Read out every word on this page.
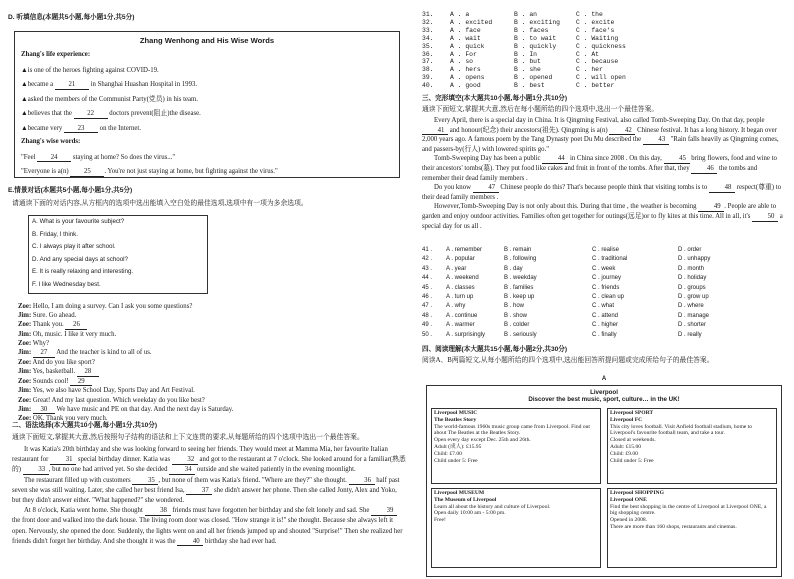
D. 听填信息(本题共5小题,每小题1分,共5分)

Zhang Wenhong and His Wise Words

Zhang's life experience:

▲is one of the heroes fighting against COVID-19.

▲became a 21 in Shanghai Huashan Hospital in 1993.

▲asked the members of the Communist Party(党员) in his team.

▲believes that the 22 doctors prevent(阻止)the disease.

▲became very 23 on the Internet.

Zhang's wise words:

"Feel 24 staying at home? So does the virus..."

"Everyone is a(n) 25 . You're not just staying at home, but fighting against the virus."

E.情景对话(本题共5小题,每小题1分,共5分)

请通读下面的对话内容,从方框内的选项中选出能填入空白处的最佳选项,选项中有一项为多余选项。

A. What is your favourite subject?

B. Friday, I think.

C. I always play it after school.

D. And any special days at school?

E. It is really relaxing and interesting.

F. I like Wednesday best.

Zoe: Hello, I am doing a survey. Can I ask you some questions?

Jim: Sure. Go ahead.

Zoe: Thank you. 26

Jim: Oh, music. I like it very much.

Zoe: Why?

Jim: 27 And the teacher is kind to all of us.

Zoe: And do you like sport?

Jim: Yes, basketball. 28

Zoe: Sounds cool! 29

Jim: Yes, we also have School Day, Sports Day and Art Festival.

Zoe: Great! And my last question. Which weekday do you like best?

Jim: 30 We have music and PE on that day. And the next day is Saturday.

Zoe: OK. Thank you very much.

二、语法选择(本大题共10小题,每小题1分,共10分)

通读下面短文,掌握其大意,然后按照句子结构的语法和上下文连贯的要求,从每题所给的四个选项中选出一个最佳答案。

It was Katia's 20th birthday and she was looking forward to seeing her friends. They would meet at Mamma Mia, her favourite Italian restaurant for 31 special birthday dinner. Katia was 32 and got to the restaurant at 7 o'clock. She looked around for a familiar(熟悉的) 33 , but no one had arrived yet. So she decided 34 outside and she waited patiently in the evening moonlight.

The restaurant filled up with customers 35 , but none of them was Katia's friend. "Where are they?" she thought. 36 half past seven she was still waiting. Later, she called her best friend Isa, 37 she didn't answer her phone. Then she called Jonty, Alex and Yoko, but they didn't answer either. "What happened?" she wondered.

At 8 o'clock, Katia went home. She thought 38 friends must have forgotten her birthday and she felt lonely and sad. She 39 the front door and walked into the dark house. The living room door was closed. "How strange it is!" she thought. Because she always left it open. Nervously, she opened the door. Suddenly, the lights went on and all her friends jumped up and shouted "Surprise!" Then she realized her friends didn't forget her birthday. And she thought it was the 40 birthday she had ever had.

31.	A . a	B . an	C . the
32.	A . excited	B . exciting	C . excite
33.	A . face	B . faces	C . face's
34.	A . wait	B . to wait	C . Waiting
35.	A . quick	B . quickly	C . quickness
36.	A . For	B . In	C . At
37.	A . so	B . but	C . because
38.	A . hers	B . she	C . her
39.	A . opens	B . opened	C . will open
40.	A . good	B . best	C . better

三、完形填空(本大题共10小题,每小题1分,共10分)

通读下面短文,掌握其大意,然后在每小题所给的四个选项中,选出一个最佳答案。

Every April, there is a special day in China. It is Qingming Festival, also called Tomb-Sweeping Day. On that day, people 41 and honour(纪念) their ancestors(祖先). Qingming is a(n) 42 Chinese festival. It has a long history. It began over 2,000 years ago. A famous poem by the Tang Dynasty poet Du Mu described the 43 "Rain falls heavily as Qingming comes, and passers-by(行人) with lowered spirits go."

Tomb-Sweeping Day has been a public 44 in China since 2008 . On this day, 45 bring flowers, food and wine to their ancestors' tombs(墓). They put food like cakes and fruit in front of the tombs. After that, they 46 the tombs and remember their dead family members .

Do you know 47 Chinese people do this? That's because people think that visiting tombs is to 48 respect(尊重) to their dead family members .

However,Tomb-Sweeping Day is not only about this. During that time , the weather is becoming 49 . People are able to garden and enjoy outdoor activities. Families often get together for outings(远足)or to fly kites at this time. All in all, it's 50 a special day for us all .

41 .	A . remember	B . remain	C . realise	D . order
42 .	A . popular	B . following	C . traditional	D . unhappy
43 .	A . year	B . day	C . week	D . month
44 .	A . weekend	B . weekday	C . journey	D . holiday
45 .	A . classes	B . families	C . friends	D . groups
46 .	A . turn up	B . keep up	C . clean up	D . grow up
47 .	A . why	B . how	C . what	D . where
48 .	A . continue	B . show	C . attend	D . manage
49 .	A . warmer	B . colder	C . higher	D . shorter
50 .	A . surprisingly	B . seriously	C . finally	D . really

四、阅读理解(本大题共15小题,每小题2分,共30分)

阅读A、B两篇短文,从每小题所给的四个选项中,选出能回答所提问题或完成所给句子的最佳答案。

A

Liverpool

Discover the best music, sport, culture… in the UK!

Liverpool MUSIC

The Beatles Story

The world-famous 1960s music group came from Liverpool. Find out about The Beatles at the Beatles Story.

Open every day except Dec. 25th and 26th.

Adult (成人): £15.95

Child: £7.00

Child under 5: Free

Liverpool SPORT

Liverpool FC

This city loves football. Visit Anfield football stadium, home to Liverpool's favourite football team, and take a tour.

Closed at weekends.

Adult: £15.00

Child: £9.00

Child under 5: Free

Liverpool MUSEUM

The Museum of Liverpool

Learn all about the history and culture of Liverpool.

Open daily 10:00 am - 5:00 pm.

Free!

Liverpool SHOPPING

Liverpool ONE

Find the best shopping in the centre of Liverpool at Liverpool ONE, a big shopping centre.

Opened in 2008.

There are more than 160 shops, restaurants and cinemas.
